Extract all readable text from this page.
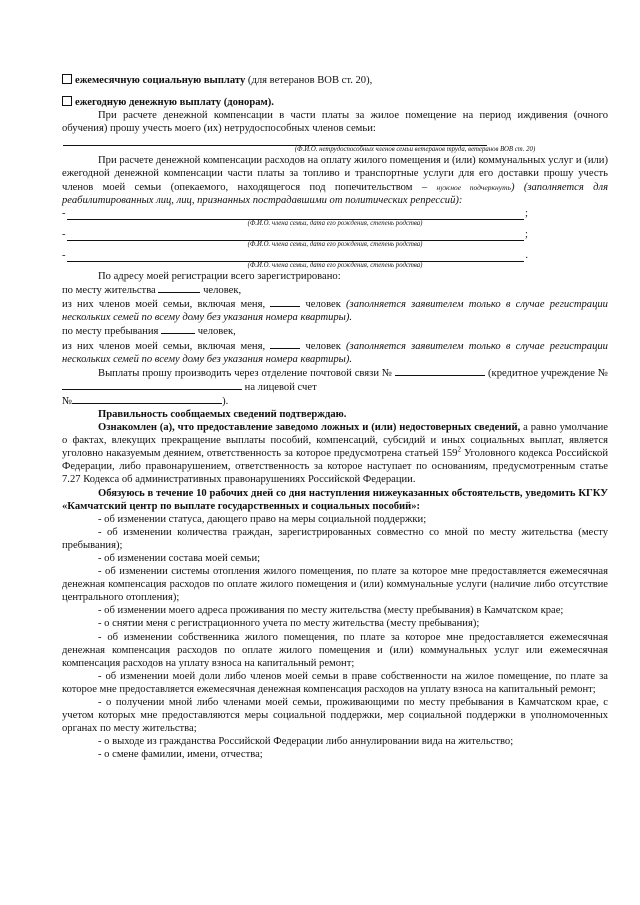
ежемесячную социальную выплату (для ветеранов ВОВ ст. 20),

ежегодную денежную выплату (донорам).

При расчете денежной компенсации в части платы за жилое помещение на период иждивения (очного обучения) прошу учесть моего (их) нетрудоспособных членов семьи:

(Ф.И.О. нетрудоспособных членов семьи ветеранов труда, ветеранов ВОВ ст. 20)

При расчете денежной компенсации расходов на оплату жилого помещения и (или) коммунальных услуг и (или) ежегодной денежной компенсации части платы за топливо и транспортные услуги для его доставки прошу учесть членов моей семьи (опекаемого, находящегося под попечительством – нужное подчеркнуть) (заполняется для реабилитированных лиц, лиц, признанных пострадавшими от политических репрессий):

-	;
(Ф.И.О. члена семьи, дата его рождения, степень родства)
-	;
(Ф.И.О. члена семьи, дата его рождения, степень родства)
-	.
(Ф.И.О. члена семьи, дата его рождения, степень родства)

По адресу моей регистрации всего зарегистрировано:

по месту жительства	человек,

из них членов моей семьи, включая меня,	человек (заполняется заявителем только в случае регистрации нескольких семей по всему дому без указания номера квартиры).

по месту пребывания	человек,

из них членов моей семьи, включая меня,	человек (заполняется заявителем только в случае регистрации нескольких семей по всему дому без указания номера квартиры).

Выплаты прошу производить через отделение почтовой связи №	(кредитное учреждение № на лицевой счет
№	).

Правильность сообщаемых сведений подтверждаю.

Ознакомлен (а), что предоставление заведомо ложных и (или) недостоверных сведений, а равно умолчание о фактах, влекущих прекращение выплаты пособий, компенсаций, субсидий и иных социальных выплат, является уголовно наказуемым деянием, ответственность за которое предусмотрена статьей $159^2$ Уголовного кодекса Российской Федерации, либо правонарушением, ответственность за которое наступает по основаниям, предусмотренным статье 7.27 Кодекса об административных правонарушениях Российской Федерации.

Обязуюсь в течение 10 рабочих дней со дня наступления нижеуказанных обстоятельств, уведомить КГКУ «Камчатский центр по выплате государственных и социальных пособий»:

- об изменении статуса, дающего право на меры социальной поддержки;

- об изменении количества граждан, зарегистрированных совместно со мной по месту жительства (месту пребывания);

- об изменении состава моей семьи;

- об изменении системы отопления жилого помещения, по плате за которое мне предоставляется ежемесячная денежная компенсация расходов по оплате жилого помещения и (или) коммунальные услуги (наличие либо отсутствие центрального отопления);

- об изменении моего адреса проживания по месту жительства (месту пребывания) в Камчатском крае;

- о снятии меня с регистрационного учета по месту жительства (месту пребывания);

- об изменении собственника жилого помещения, по плате за которое мне предоставляется ежемесячная денежная компенсация расходов по оплате жилого помещения и (или) коммунальных услуг или ежемесячная компенсация расходов на уплату взноса на капитальный ремонт;

- об изменении моей доли либо членов моей семьи в праве собственности на жилое помещение, по плате за которое мне предоставляется ежемесячная денежная компенсация расходов на уплату взноса на капитальный ремонт;

- о получении мной либо членами моей семьи, проживающими по месту пребывания в Камчатском крае, с учетом которых мне предоставляются меры социальной поддержки, мер социальной поддержки в уполномоченных органах по месту жительства;

- о выходе из гражданства Российской Федерации либо аннулировании вида на жительство;

- о смене фамилии, имени, отчества;
